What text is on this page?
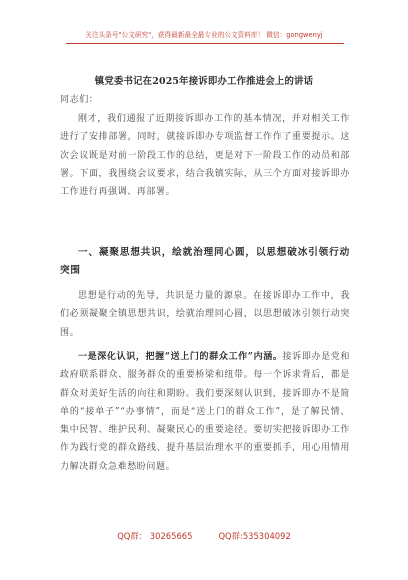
关注头条号"公文研究"，获得最新最全最专业的公文资料库！ 微信：gongwenyj
镇党委书记在2025年接诉即办工作推进会上的讲话
同志们：
刚才，我们通报了近期接诉即办工作的基本情况，并对相关工作进行了安排部署，同时，就接诉即办专项监督工作作了重要提示。这次会议既是对前一阶段工作的总结，更是对下一阶段工作的动员和部署。下面，我围绕会议要求，结合我镇实际，从三个方面对接诉即办工作进行再强调、再部署。
一、凝聚思想共识，绘就治理同心圆，以思想破冰引领行动突围
思想是行动的先导，共识是力量的源泉。在接诉即办工作中，我们必须凝聚全镇思想共识，绘就治理同心圆，以思想破冰引领行动突围。
一是深化认识，把握“送上门的群众工作”内涵。接诉即办是党和政府联系群众、服务群众的重要桥梁和纽带。每一个诉求背后，都是群众对美好生活的向往和期盼。我们要深刻认识到，接诉即办不是简单的“接单子”“办事情”，而是“送上门的群众工作”，是了解民情、集中民智、维护民利、凝聚民心的重要途径。要切实把接诉即办工作作为践行党的群众路线、提升基层治理水平的重要抓手，用心用情用力解决群众急难愁盼问题。
QQ群： 30265665	QQ群:535304092
